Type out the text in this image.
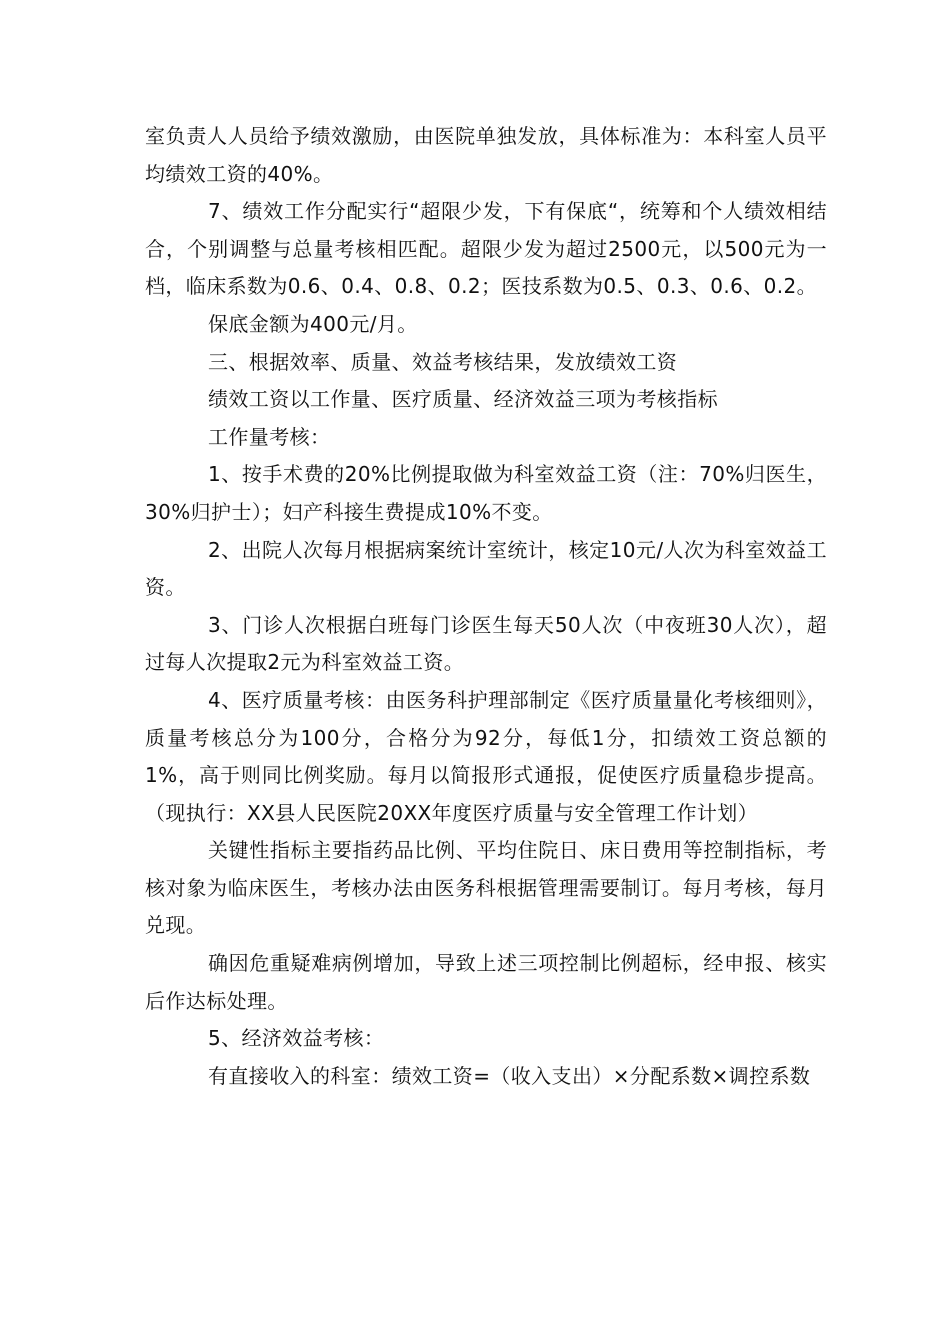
室负责人人员给予绩效激励，由医院单独发放，具体标准为：本科室人员平均绩效工资的40%。

7、绩效工作分配实行“超限少发，下有保底“，统筹和个人绩效相结合，个别调整与总量考核相匹配。超限少发为超过2500元，以500元为一档，临床系数为0.6、0.4、0.8、0.2；医技系数为0.5、0.3、0.6、0.2。

保底金额为400元/月。

三、根据效率、质量、效益考核结果，发放绩效工资

绩效工资以工作量、医疗质量、经济效益三项为考核指标

工作量考核：

1、按手术费的20%比例提取做为科室效益工资（注：70%归医生，30%归护士）；妇产科接生费提成10%不变。

2、出院人次每月根据病案统计室统计，核定10元/人次为科室效益工资。

3、门诊人次根据白班每门诊医生每天50人次（中夜班30人次），超过每人次提取2元为科室效益工资。

4、医疗质量考核：由医务科护理部制定《医疗质量量化考核细则》，质量考核总分为100分，合格分为92分，每低1分，扣绩效工资总额的1%，高于则同比例奖励。每月以简报形式通报，促使医疗质量稳步提高。（现执行：XX县人民医院20XX年度医疗质量与安全管理工作计划）

关键性指标主要指药品比例、平均住院日、床日费用等控制指标，考核对象为临床医生，考核办法由医务科根据管理需要制订。每月考核，每月兑现。

确因危重疑难病例增加，导致上述三项控制比例超标，经申报、核实后作达标处理。

5、经济效益考核：

有直接收入的科室：绩效工资=（收入支出）×分配系数×调控系数
